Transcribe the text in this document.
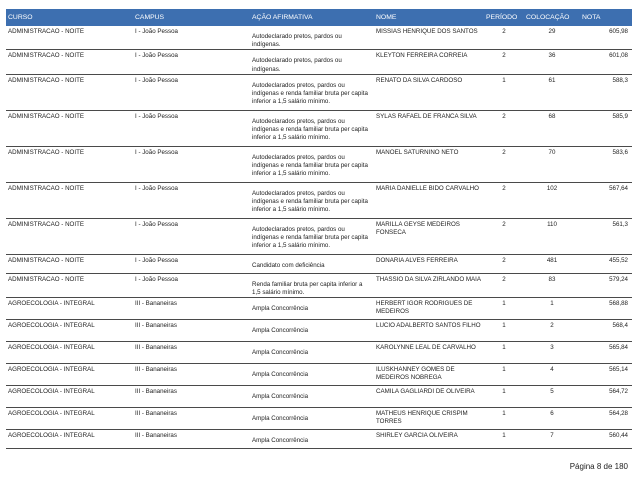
CURSO	CAMPUS	AÇÃO AFIRMATIVA	NOME	PERÍODO	COLOCAÇÃO	NOTA
ADMINISTRACAO - NOITE	I - João Pessoa	Autodeclarado pretos, pardos ou indígenas.	MISSIAS HENRIQUE DOS SANTOS	2	29	605,98
ADMINISTRACAO - NOITE	I - João Pessoa	Autodeclarado pretos, pardos ou indígenas.	KLEYTON FERREIRA CORREIA	2	36	601,08
ADMINISTRACAO - NOITE	I - João Pessoa	Autodeclarados pretos, pardos ou indígenas e renda familiar bruta per capita inferior a 1,5 salário mínimo.	RENATO DA SILVA CARDOSO	1	61	588,3
ADMINISTRACAO - NOITE	I - João Pessoa	Autodeclarados pretos, pardos ou indígenas e renda familiar bruta per capita inferior a 1,5 salário mínimo.	SYLAS RAFAEL DE FRANCA SILVA	2	68	585,9
ADMINISTRACAO - NOITE	I - João Pessoa	Autodeclarados pretos, pardos ou indígenas e renda familiar bruta per capita inferior a 1,5 salário mínimo.	MANOEL SATURNINO NETO	2	70	583,6
ADMINISTRACAO - NOITE	I - João Pessoa	Autodeclarados pretos, pardos ou indígenas e renda familiar bruta per capita inferior a 1,5 salário mínimo.	MARIA DANIELLE BIDO CARVALHO	2	102	567,64
ADMINISTRACAO - NOITE	I - João Pessoa	Autodeclarados pretos, pardos ou indígenas e renda familiar bruta per capita inferior a 1,5 salário mínimo.	MARILLA GEYSE MEDEIROS FONSECA	2	110	561,3
ADMINISTRACAO - NOITE	I - João Pessoa	Candidato com deficiência	DONARIA ALVES FERREIRA	2	481	455,52
ADMINISTRACAO - NOITE	I - João Pessoa	Renda familiar bruta per capita inferior a 1,5 salário mínimo.	THASSIO DA SILVA ZIRLANDO MAIA	2	83	579,24
AGROECOLOGIA - INTEGRAL	III - Bananeiras	Ampla Concorrência	HERBERT IGOR RODRIGUES DE MEDEIROS	1	1	568,88
AGROECOLOGIA - INTEGRAL	III - Bananeiras	Ampla Concorrência	LUCIO ADALBERTO SANTOS FILHO	1	2	568,4
AGROECOLOGIA - INTEGRAL	III - Bananeiras	Ampla Concorrência	KAROLYNNE LEAL DE CARVALHO	1	3	565,84
AGROECOLOGIA - INTEGRAL	III - Bananeiras	Ampla Concorrência	ILUSKHANNEY GOMES DE MEDEIROS NOBREGA	1	4	565,14
AGROECOLOGIA - INTEGRAL	III - Bananeiras	Ampla Concorrência	CAMILA GAGLIARDI DE OLIVEIRA	1	5	564,72
AGROECOLOGIA - INTEGRAL	III - Bananeiras	Ampla Concorrência	MATHEUS HENRIQUE CRISPIM TORRES	1	6	564,28
AGROECOLOGIA - INTEGRAL	III - Bananeiras	Ampla Concorrência	SHIRLEY GARCIA OLIVEIRA	1	7	560,44
Página 8 de 180
